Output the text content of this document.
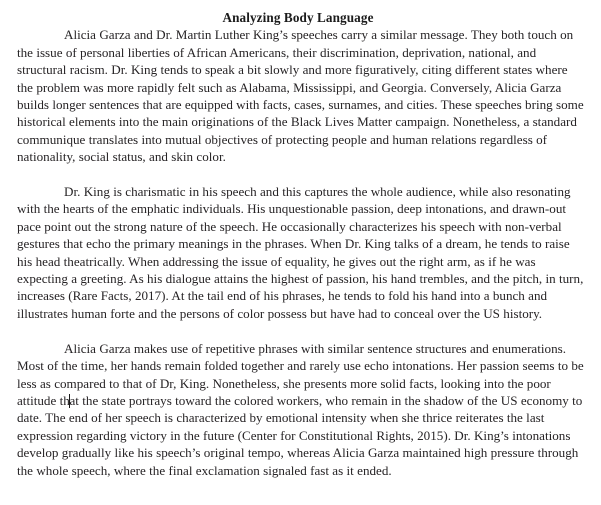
Analyzing Body Language

Alicia Garza and Dr. Martin Luther King’s speeches carry a similar message. They both touch on the issue of personal liberties of African Americans, their discrimination, deprivation, national, and structural racism. Dr. King tends to speak a bit slowly and more figuratively, citing different states where the problem was more rapidly felt such as Alabama, Mississippi, and Georgia. Conversely, Alicia Garza builds longer sentences that are equipped with facts, cases, surnames, and cities. These speeches bring some historical elements into the main originations of the Black Lives Matter campaign. Nonetheless, a standard communique translates into mutual objectives of protecting people and human relations regardless of nationality, social status, and skin color.

Dr. King is charismatic in his speech and this captures the whole audience, while also resonating with the hearts of the emphatic individuals. His unquestionable passion, deep intonations, and drawn-out pace point out the strong nature of the speech. He occasionally characterizes his speech with non-verbal gestures that echo the primary meanings in the phrases. When Dr. King talks of a dream, he tends to raise his head theatrically. When addressing the issue of equality, he gives out the right arm, as if he was expecting a greeting. As his dialogue attains the highest of passion, his hand trembles, and the pitch, in turn, increases (Rare Facts, 2017). At the tail end of his phrases, he tends to fold his hand into a bunch and illustrates human forte and the persons of color possess but have had to conceal over the US history.

Alicia Garza makes use of repetitive phrases with similar sentence structures and enumerations. Most of the time, her hands remain folded together and rarely use echo intonations. Her passion seems to be less as compared to that of Dr, King. Nonetheless, she presents more solid facts, looking into the poor attitude that the state portrays toward the colored workers, who remain in the shadow of the US economy to date. The end of her speech is characterized by emotional intensity when she thrice reiterates the last expression regarding victory in the future (Center for Constitutional Rights, 2015). Dr. King’s intonations develop gradually like his speech’s original tempo, whereas Alicia Garza maintained high pressure through the whole speech, where the final exclamation signaled fast as it ended.
